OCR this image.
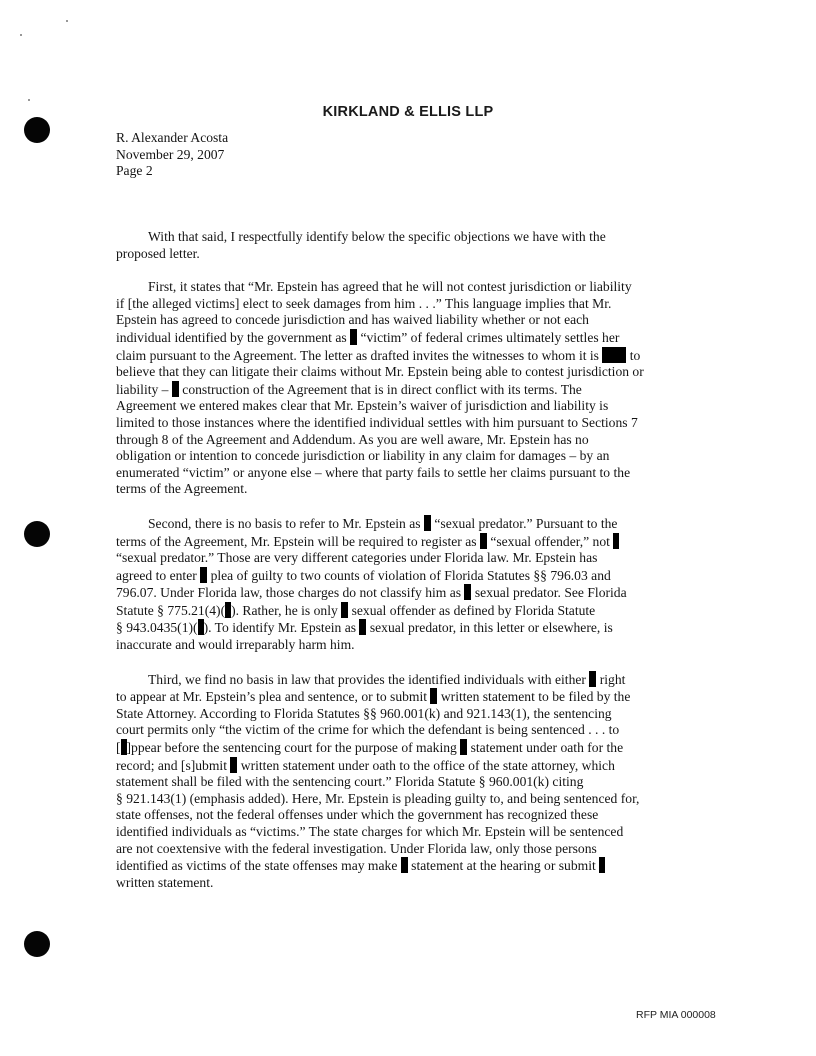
KIRKLAND & ELLIS LLP
R. Alexander Acosta
November 29, 2007
Page 2
With that said, I respectfully identify below the specific objections we have with the
proposed letter.
First, it states that “Mr. Epstein has agreed that he will not contest jurisdiction or liability
if [the alleged victims] elect to seek damages from him . . .” This language implies that Mr.
Epstein has agreed to concede jurisdiction and has waived liability whether or not each
individual identified by the government as  “victim” of federal crimes ultimately settles her
claim pursuant to the Agreement. The letter as drafted invites the witnesses to whom it is  to
believe that they can litigate their claims without Mr. Epstein being able to contest jurisdiction or
liability –  construction of the Agreement that is in direct conflict with its terms. The
Agreement we entered makes clear that Mr. Epstein’s waiver of jurisdiction and liability is
limited to those instances where the identified individual settles with him pursuant to Sections 7
through 8 of the Agreement and Addendum. As you are well aware, Mr. Epstein has no
obligation or intention to concede jurisdiction or liability in any claim for damages – by an
enumerated “victim” or anyone else – where that party fails to settle her claims pursuant to the
terms of the Agreement.
Second, there is no basis to refer to Mr. Epstein as  “sexual predator.” Pursuant to the
terms of the Agreement, Mr. Epstein will be required to register as  “sexual offender,” not
“sexual predator.” Those are very different categories under Florida law. Mr. Epstein has
agreed to enter  plea of guilty to two counts of violation of Florida Statutes §§ 796.03 and
796.07. Under Florida law, those charges do not classify him as  sexual predator. See Florida
Statute § 775.21(4)( ). Rather, he is only  sexual offender as defined by Florida Statute
§ 943.0435(1)( ). To identify Mr. Epstein as  sexual predator, in this letter or elsewhere, is
inaccurate and would irreparably harm him.
Third, we find no basis in law that provides the identified individuals with either  right
to appear at Mr. Epstein’s plea and sentence, or to submit  written statement to be filed by the
State Attorney. According to Florida Statutes §§ 960.001(k) and 921.143(1), the sentencing
court permits only “the victim of the crime for which the defendant is being sentenced . . . to
[ ]ppear before the sentencing court for the purpose of making  statement under oath for the
record; and [s]ubmit  written statement under oath to the office of the state attorney, which
statement shall be filed with the sentencing court.” Florida Statute § 960.001(k) citing
§ 921.143(1) (emphasis added). Here, Mr. Epstein is pleading guilty to, and being sentenced for,
state offenses, not the federal offenses under which the government has recognized these
identified individuals as “victims.” The state charges for which Mr. Epstein will be sentenced
are not coextensive with the federal investigation. Under Florida law, only those persons
identified as victims of the state offenses may make  statement at the hearing or submit
written statement.
RFP MIA 000008
